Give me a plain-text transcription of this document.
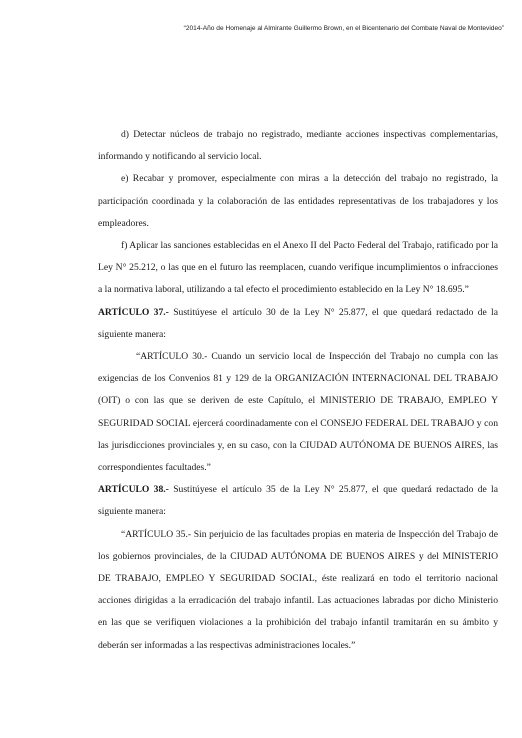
“2014-Año de Homenaje al Almirante Guillermo Brown, en el Bicentenario del Combate Naval de Montevideo”

d) Detectar núcleos de trabajo no registrado, mediante acciones inspectivas complementarias, informando y notificando al servicio local.

e) Recabar y promover, especialmente con miras a la detección del trabajo no registrado, la participación coordinada y la colaboración de las entidades representativas de los trabajadores y los empleadores.

f) Aplicar las sanciones establecidas en el Anexo II del Pacto Federal del Trabajo, ratificado por la Ley N° 25.212, o las que en el futuro las reemplacen, cuando verifique incumplimientos o infracciones a la normativa laboral, utilizando a tal efecto el procedimiento establecido en la Ley N° 18.695.”

ARTÍCULO 37.- Sustitúyese el artículo 30 de la Ley N° 25.877, el que quedará redactado de la siguiente manera:

“ARTÍCULO 30.- Cuando un servicio local de Inspección del Trabajo no cumpla con las exigencias de los Convenios 81 y 129 de la ORGANIZACIÓN INTERNACIONAL DEL TRABAJO (OIT) o con las que se deriven de este Capítulo, el MINISTERIO DE TRABAJO, EMPLEO Y SEGURIDAD SOCIAL ejercerá coordinadamente con el CONSEJO FEDERAL DEL TRABAJO y con las jurisdicciones provinciales y, en su caso, con la CIUDAD AUTÓNOMA DE BUENOS AIRES, las correspondientes facultades.”

ARTÍCULO 38.- Sustitúyese el artículo 35 de la Ley N° 25.877, el que quedará redactado de la siguiente manera:

“ARTÍCULO 35.- Sin perjuicio de las facultades propias en materia de Inspección del Trabajo de los gobiernos provinciales, de la CIUDAD AUTÓNOMA DE BUENOS AIRES y del MINISTERIO DE TRABAJO, EMPLEO Y SEGURIDAD SOCIAL, éste realizará en todo el territorio nacional acciones dirigidas a la erradicación del trabajo infantil. Las actuaciones labradas por dicho Ministerio en las que se verifiquen violaciones a la prohibición del trabajo infantil tramitarán en su ámbito y deberán ser informadas a las respectivas administraciones locales.”
